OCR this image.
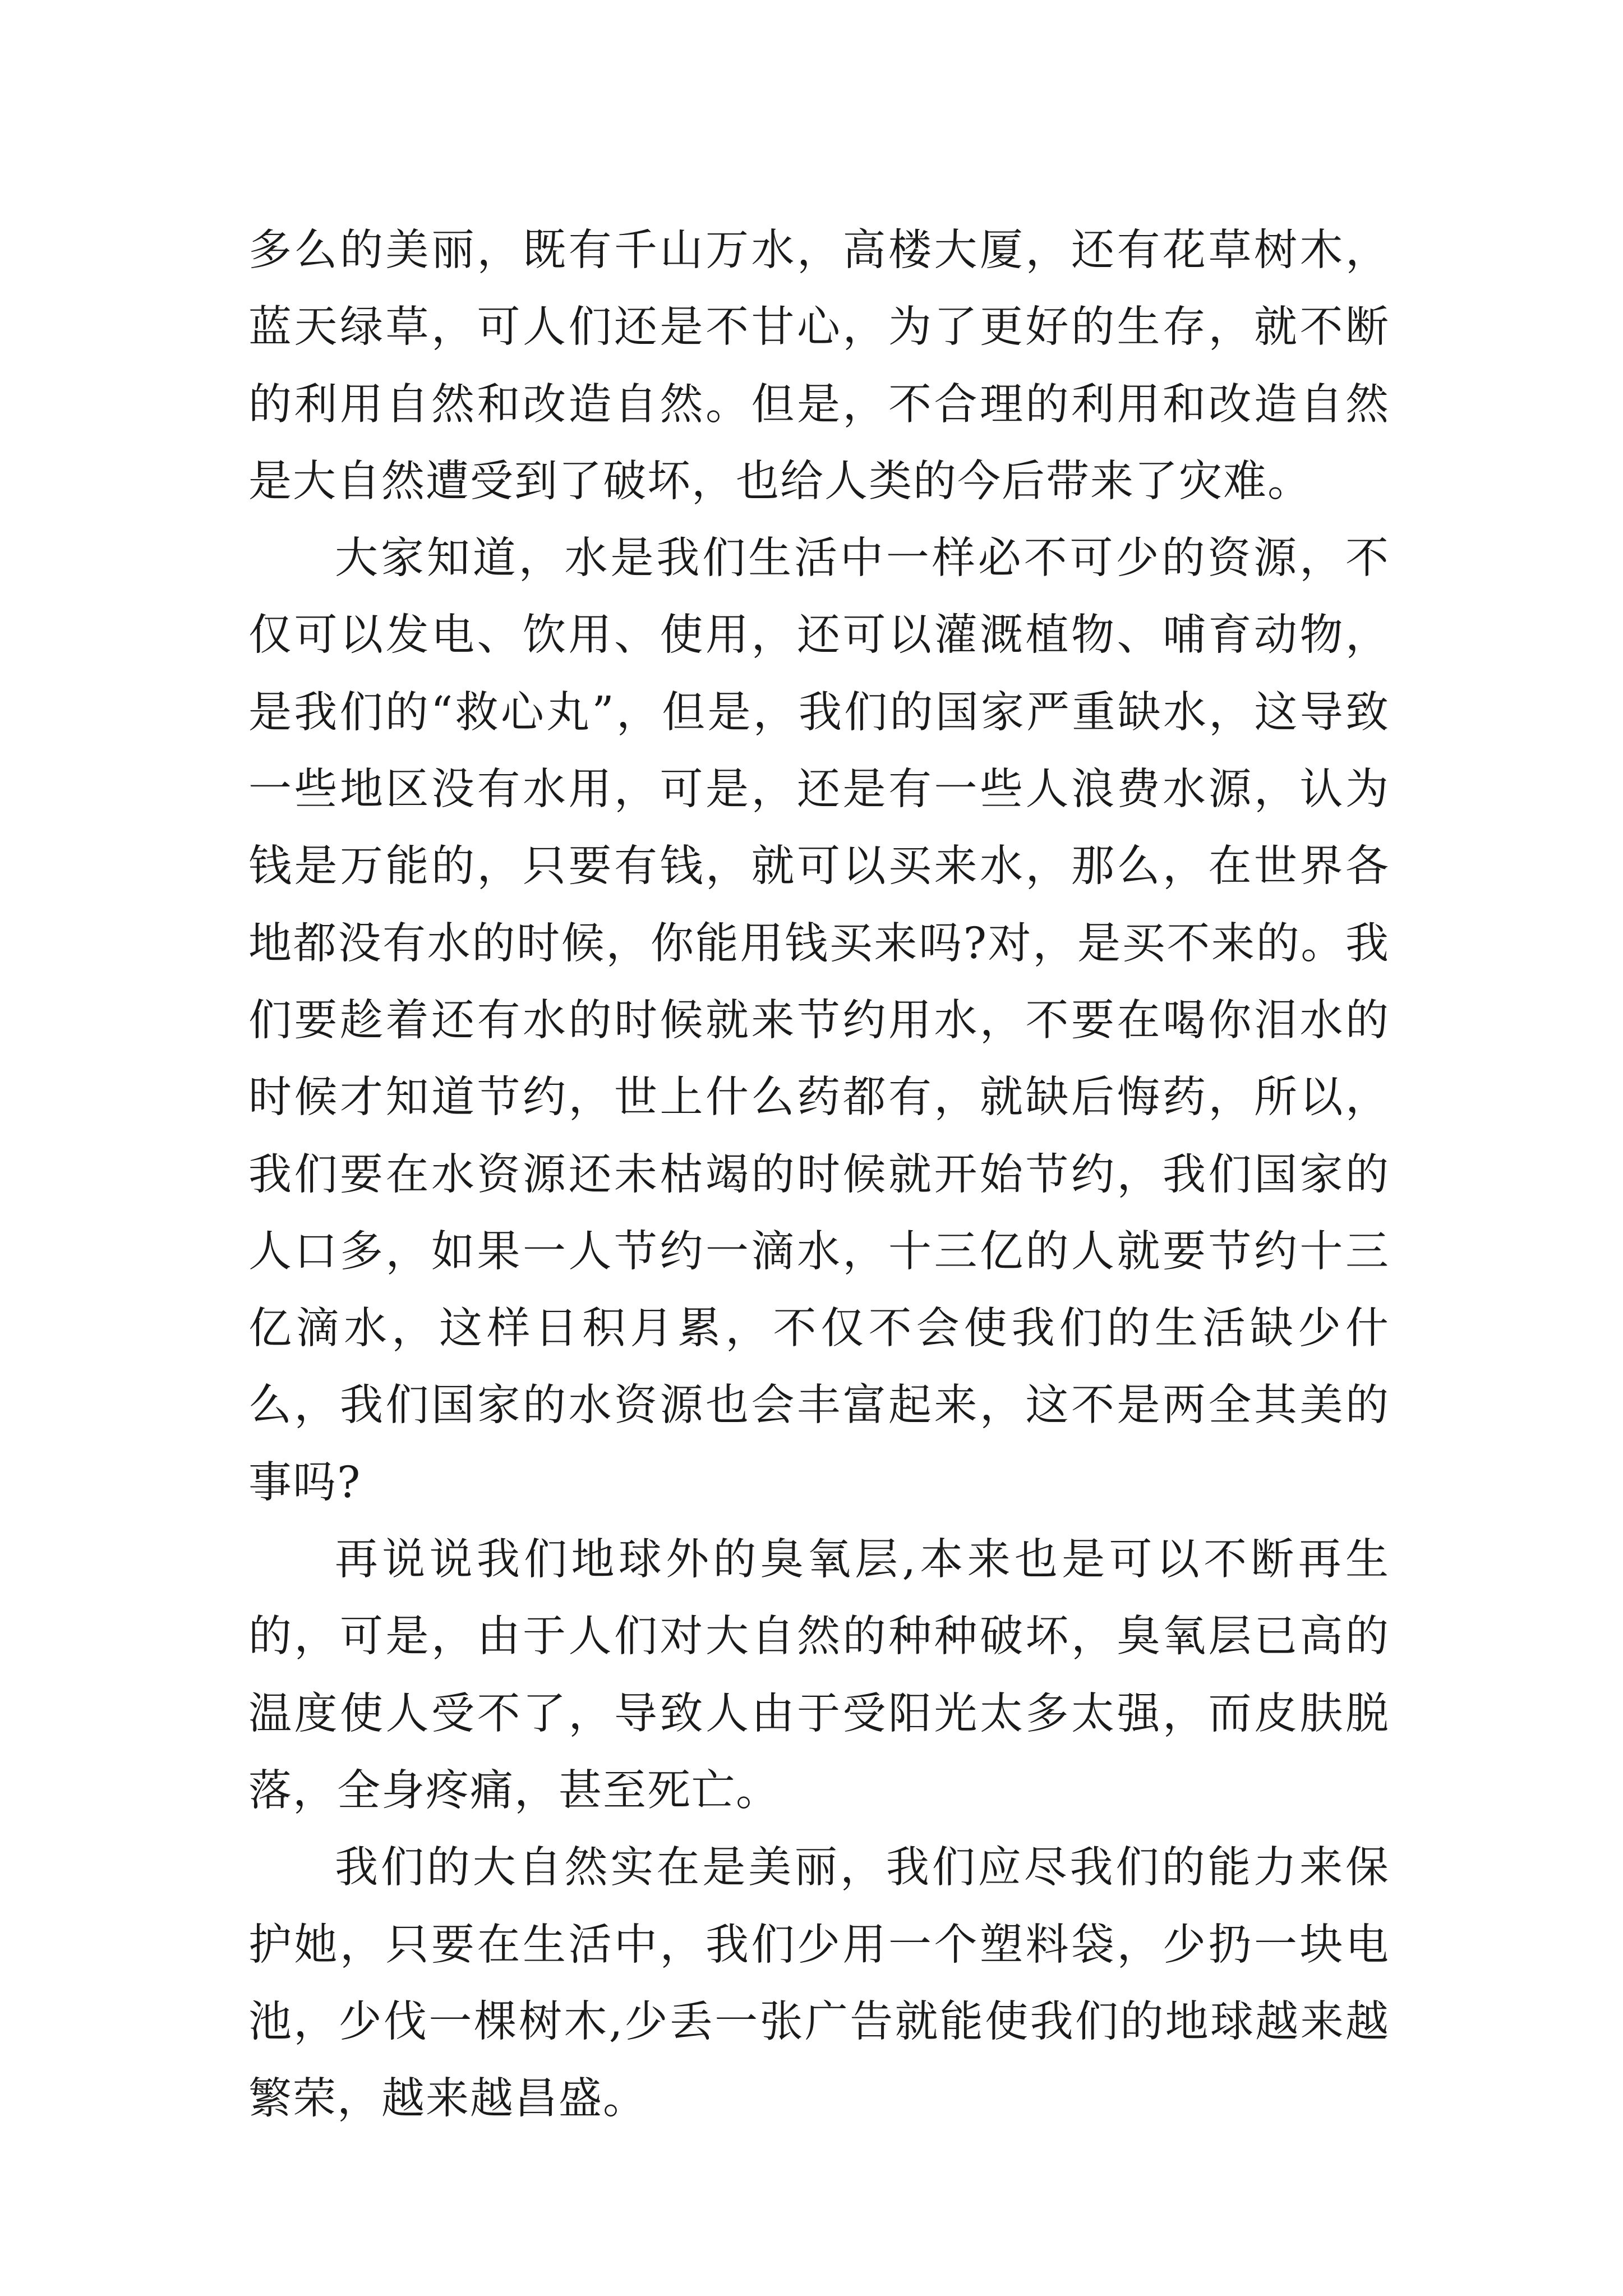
多么的美丽，既有千山万水，高楼大厦，还有花草树木，蓝天绿草，可人们还是不甘心，为了更好的生存，就不断的利用自然和改造自然。但是，不合理的利用和改造自然是大自然遭受到了破坏，也给人类的今后带来了灾难。

大家知道，水是我们生活中一样必不可少的资源，不仅可以发电、饮用、使用，还可以灌溉植物、哺育动物，是我们的“救心丸”，但是，我们的国家严重缺水，这导致一些地区没有水用，可是，还是有一些人浪费水源，认为钱是万能的，只要有钱，就可以买来水，那么，在世界各地都没有水的时候，你能用钱买来吗?对，是买不来的。我们要趁着还有水的时候就来节约用水，不要在喝你泪水的时候才知道节约，世上什么药都有，就缺后悔药，所以，我们要在水资源还未枯竭的时候就开始节约，我们国家的人口多，如果一人节约一滴水，十三亿的人就要节约十三亿滴水，这样日积月累，不仅不会使我们的生活缺少什么，我们国家的水资源也会丰富起来，这不是两全其美的事吗?

再说说我们地球外的臭氧层,本来也是可以不断再生的，可是，由于人们对大自然的种种破坏，臭氧层已高的温度使人受不了，导致人由于受阳光太多太强，而皮肤脱落，全身疼痛，甚至死亡。

我们的大自然实在是美丽，我们应尽我们的能力来保护她，只要在生活中，我们少用一个塑料袋，少扔一块电池，少伐一棵树木,少丢一张广告就能使我们的地球越来越繁荣，越来越昌盛。
